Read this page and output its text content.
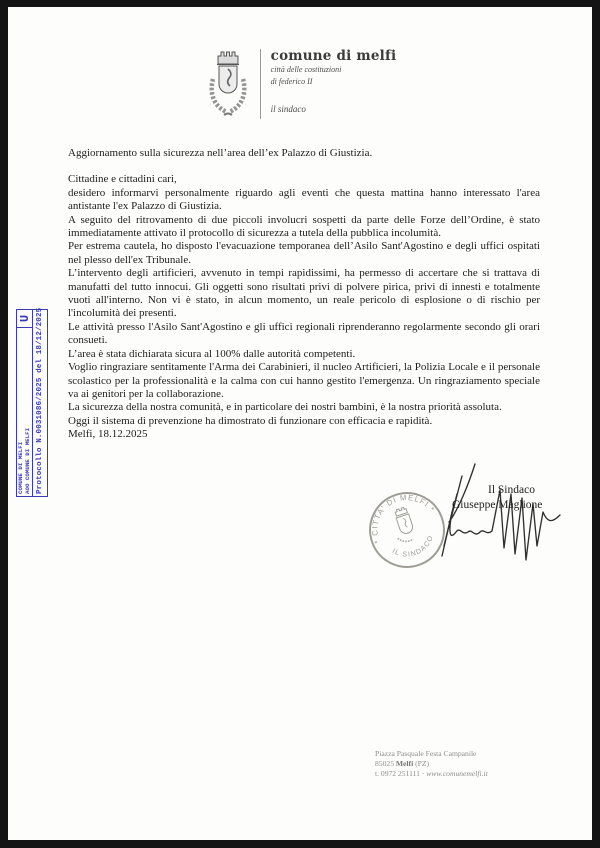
comune di melfi
città delle costituzioni
di federico II
il sindaco

Aggiornamento sulla sicurezza nell’area dell’ex Palazzo di Giustizia.

Cittadine e cittadini cari,

desidero informarvi personalmente riguardo agli eventi che questa mattina hanno interessato l'area antistante l'ex Palazzo di Giustizia.

A seguito del ritrovamento di due piccoli involucri sospetti da parte delle Forze dell’Ordine, è stato immediatamente attivato il protocollo di sicurezza a tutela della pubblica incolumità.

Per estrema cautela, ho disposto l'evacuazione temporanea dell’Asilo Sant'Agostino e degli uffici ospitati nel plesso dell'ex Tribunale.

L’intervento degli artificieri, avvenuto in tempi rapidissimi, ha permesso di accertare che si trattava di manufatti del tutto innocui. Gli oggetti sono risultati privi di polvere pirica, privi di innesti e totalmente vuoti all'interno. Non vi è stato, in alcun momento, un reale pericolo di esplosione o di rischio per l'incolumità dei presenti.

Le attività presso l'Asilo Sant'Agostino e gli uffici regionali riprenderanno regolarmente secondo gli orari consueti.

L’area è stata dichiarata sicura al 100% dalle autorità competenti.

Voglio ringraziare sentitamente l'Arma dei Carabinieri, il nucleo Artificieri, la Polizia Locale e il personale scolastico per la professionalità e la calma con cui hanno gestito l'emergenza. Un ringraziamento speciale va ai genitori per la collaborazione.

La sicurezza della nostra comunità, e in particolare dei nostri bambini, è la nostra priorità assoluta.

Oggi il sistema di prevenzione ha dimostrato di funzionare con efficacia e rapidità.

Melfi, 18.12.2025

Il Sindaco
Giuseppe Maglione
* CITTA' DI MELFI *
IL SINDACO
COMUNE DI MELFI AOO COMUNE DI MELFI
U Protocollo N.0031086/2025 del 18/12/2025
Piazza Pasquale Festa Campanile
85025 Melfi (PZ)
t. 0972 251111 · www.comunemelfi.it
